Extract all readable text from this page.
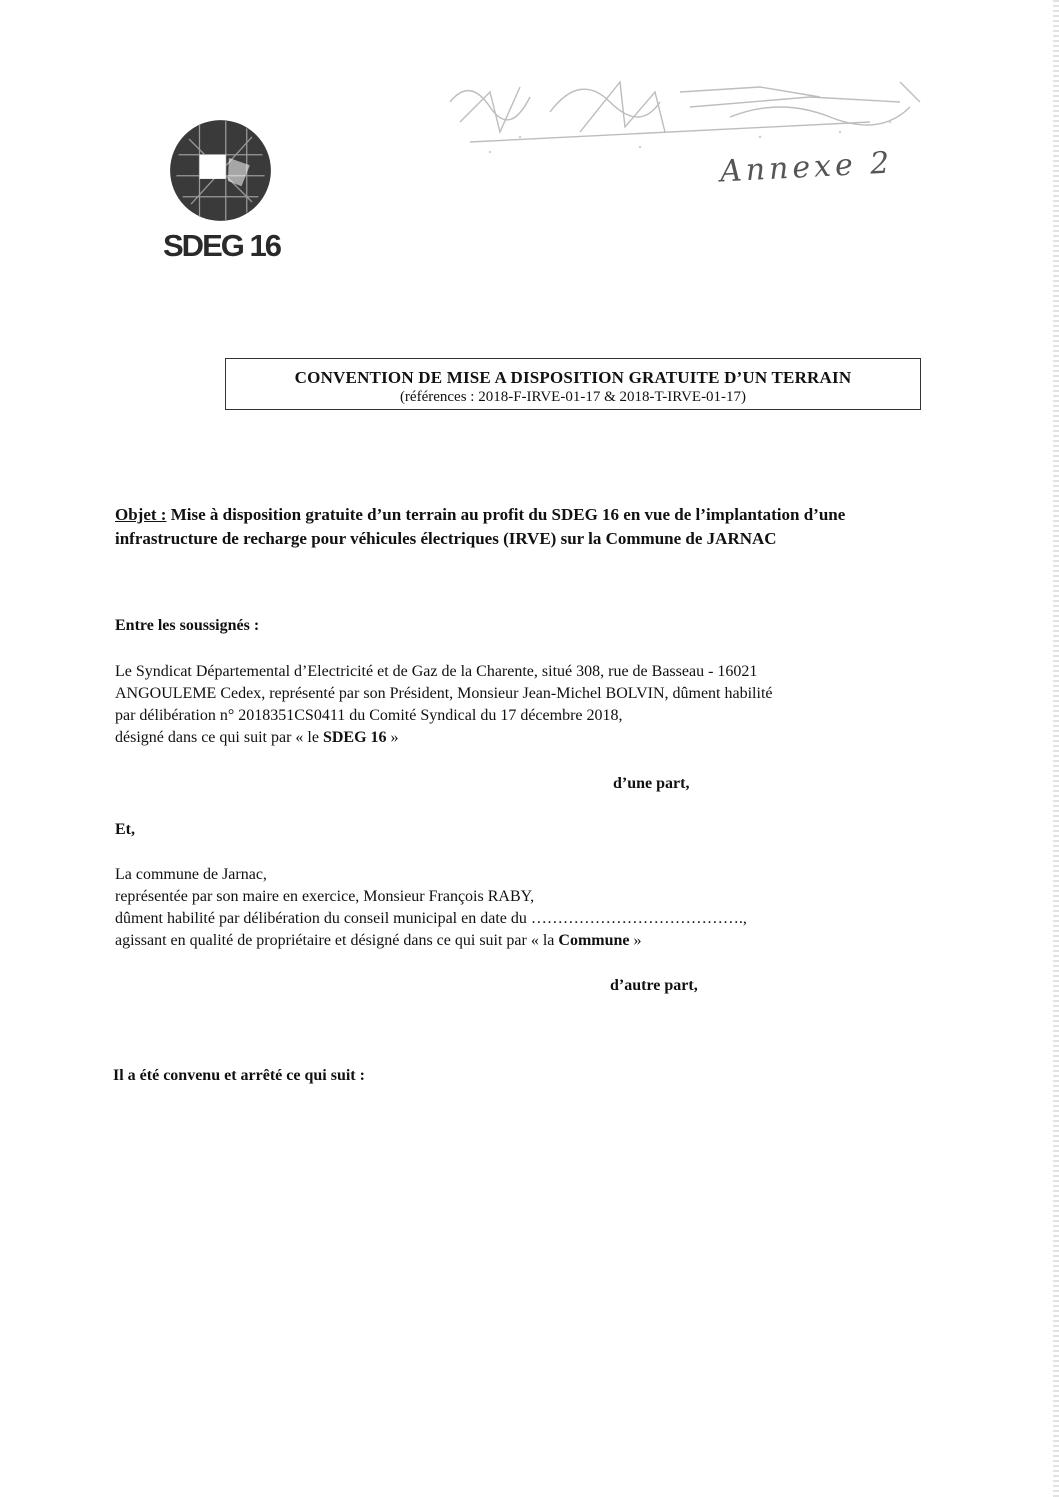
Annexe 2
SDEG 16
CONVENTION DE MISE A DISPOSITION GRATUITE D’UN TERRAIN
(références : 2018-F-IRVE-01-17 & 2018-T-IRVE-01-17)
Objet : Mise à disposition gratuite d’un terrain au profit du SDEG 16 en vue de l’implantation d’une infrastructure de recharge pour véhicules électriques (IRVE) sur la Commune de JARNAC
Entre les soussignés :
Le Syndicat Départemental d’Electricité et de Gaz de la Charente, situé 308, rue de Basseau - 16021
ANGOULEME Cedex, représenté par son Président, Monsieur Jean-Michel BOLVIN, dûment habilité
par délibération n° 2018351CS0411 du Comité Syndical du 17 décembre 2018,
désigné dans ce qui suit par « le SDEG 16 »
d’une part,
Et,
La commune de Jarnac,
représentée par son maire en exercice, Monsieur François RABY,
dûment habilité par délibération du conseil municipal en date du ………………………………….,
agissant en qualité de propriétaire et désigné dans ce qui suit par « la Commune »
d’autre part,
Il a été convenu et arrêté ce qui suit :
